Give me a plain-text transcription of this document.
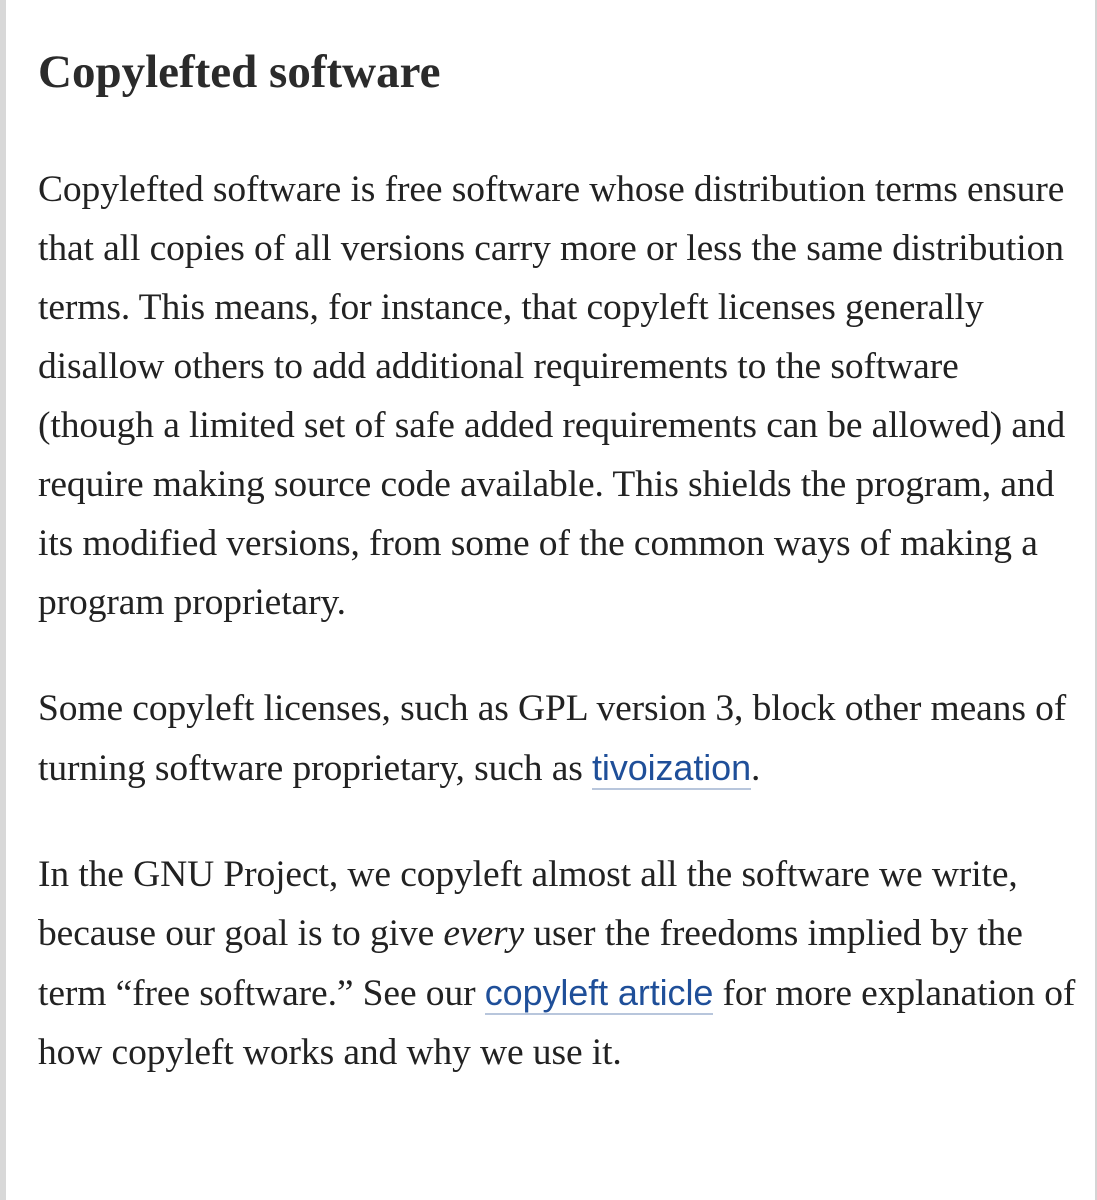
Copylefted software

Copylefted software is free software whose distribution terms ensure that all copies of all versions carry more or less the same distribution terms. This means, for instance, that copyleft licenses generally disallow others to add additional requirements to the software (though a limited set of safe added requirements can be allowed) and require making source code available. This shields the program, and its modified versions, from some of the common ways of making a program proprietary.

Some copyleft licenses, such as GPL version 3, block other means of turning software proprietary, such as tivoization.

In the GNU Project, we copyleft almost all the software we write, because our goal is to give every user the freedoms implied by the term “free software.” See our copyleft article for more explanation of how copyleft works and why we use it.
